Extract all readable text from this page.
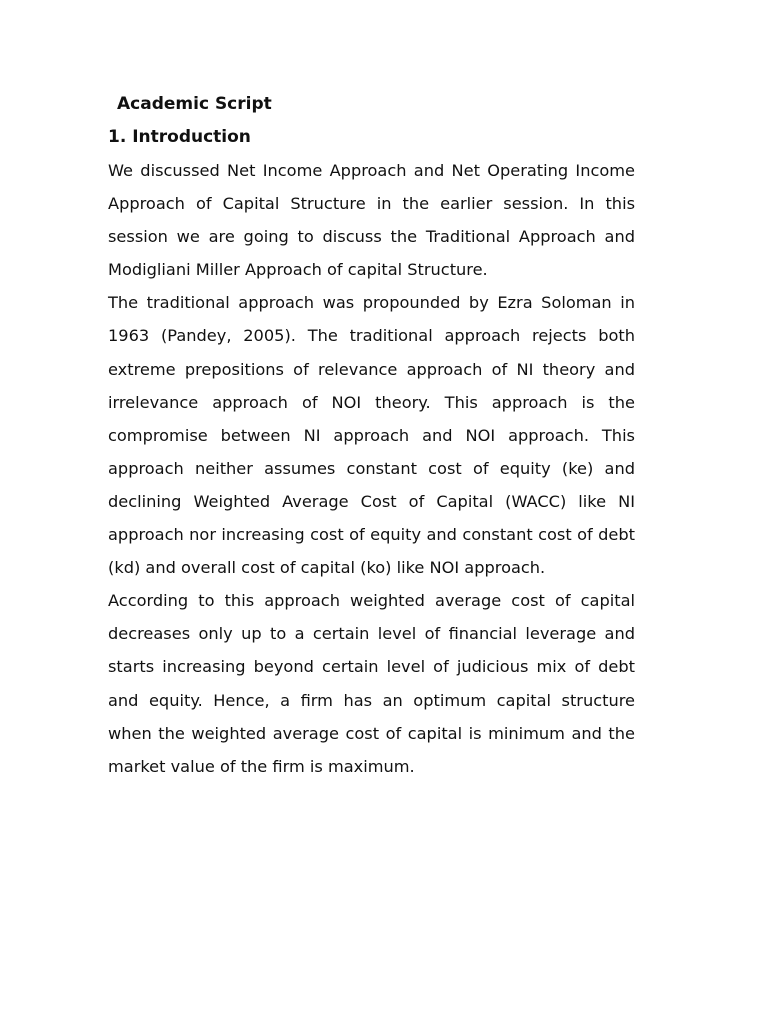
Academic Script
1. Introduction

We discussed Net Income Approach and Net Operating Income Approach of Capital Structure in the earlier session. In this session we are going to discuss the Traditional Approach and Modigliani Miller Approach of capital Structure.

The traditional approach was propounded by Ezra Soloman in 1963 (Pandey, 2005). The traditional approach rejects both extreme prepositions of relevance approach of NI theory and irrelevance approach of NOI theory. This approach is the compromise between NI approach and NOI approach. This approach neither assumes constant cost of equity (ke) and declining Weighted Average Cost of Capital (WACC) like NI approach nor increasing cost of equity and constant cost of debt (kd) and overall cost of capital (ko) like NOI approach.

According to this approach weighted average cost of capital decreases only up to a certain level of financial leverage and starts increasing beyond certain level of judicious mix of debt and equity. Hence, a firm has an optimum capital structure when the weighted average cost of capital is minimum and the market value of the firm is maximum.
